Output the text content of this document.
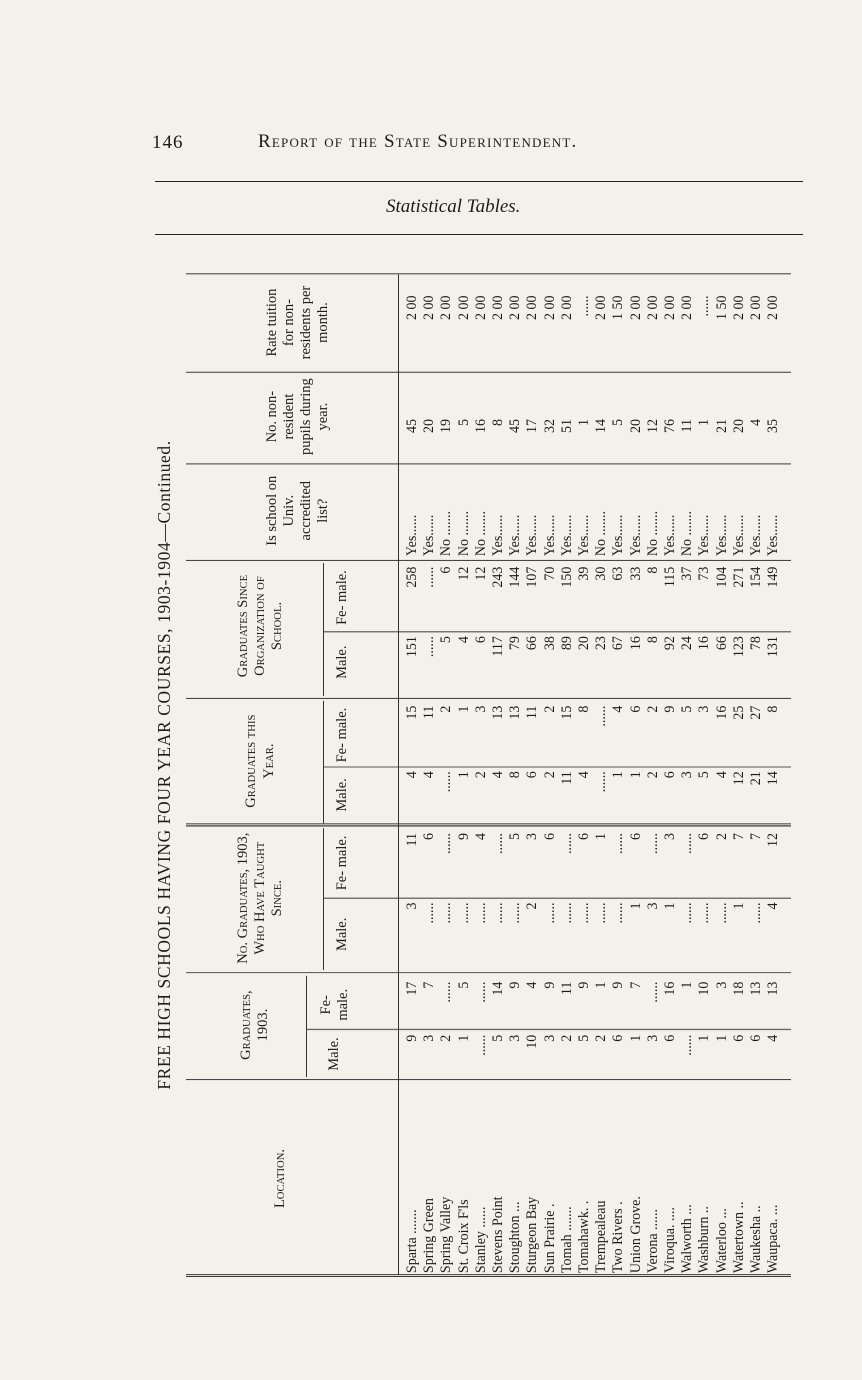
146	Report of the State Superintendent.
Statistical Tables.
FREE HIGH SCHOOLS HAVING FOUR YEAR COURSES, 1903-1904—Continued.
Location.
Graduates, 1903.
No. Graduates, 1903, Who Have Taught Since.
Graduates this Year.
Graduates Since Organization of School.
Is school on Univ. accredited list?
No. non-resident pupils during year.
Rate tuition for non-residents per month.
Male.
Fe- male.
Male.
Fe- male.
Male.
Fe- male.
Male.
Fe- male.
Sparta .......
9
17
3
11
4
15
151
258
Yes......
45
2 00
Spring Green
3
7
......
6
4
11
......
......
Yes......
20
2 00
Spring Valley
2
......
......
......
......
2
5
6
No .......
19
2 00
St. Croix F'ls
1
5
......
9
1
1
4
12
No .......
5
2 00
Stanley ......
......
......
......
4
2
3
6
12
No .......
16
2 00
Stevens Point
5
14
......
......
4
13
117
243
Yes......
8
2 00
Stoughton ...
3
9
......
5
8
13
79
144
Yes......
45
2 00
Sturgeon Bay
10
4
2
3
6
11
66
107
Yes......
17
2 00
Sun Prairie .
3
9
......
6
2
2
38
70
Yes......
32
2 00
Tomah .......
2
11
......
......
11
15
89
150
Yes......
51
2 00
Tomahawk. .
5
9
......
6
4
8
20
39
Yes......
1
......
Trempealeau
2
1
......
1
......
......
23
30
No .......
14
2 00
Two Rivers .
6
9
......
......
1
4
67
63
Yes......
5
1 50
Union Grove.
1
7
1
6
1
6
16
33
Yes......
20
2 00
Verona ......
3
......
3
......
2
2
8
8
No .......
12
2 00
Viroqua. ....
6
16
1
3
6
9
92
115
Yes......
76
2 00
Walworth ...
......
1
......
......
3
5
24
37
No .......
11
2 00
Washburn ..
1
10
......
6
5
3
16
73
Yes......
1
......
Waterloo ...
1
3
......
2
4
16
66
104
Yes......
21
1 50
Watertown ..
6
18
1
7
12
25
123
271
Yes......
20
2 00
Waukesha ..
6
13
......
7
21
27
78
154
Yes......
4
2 00
Waupaca. ...
4
13
4
12
14
8
131
149
Yes......
35
2 00
